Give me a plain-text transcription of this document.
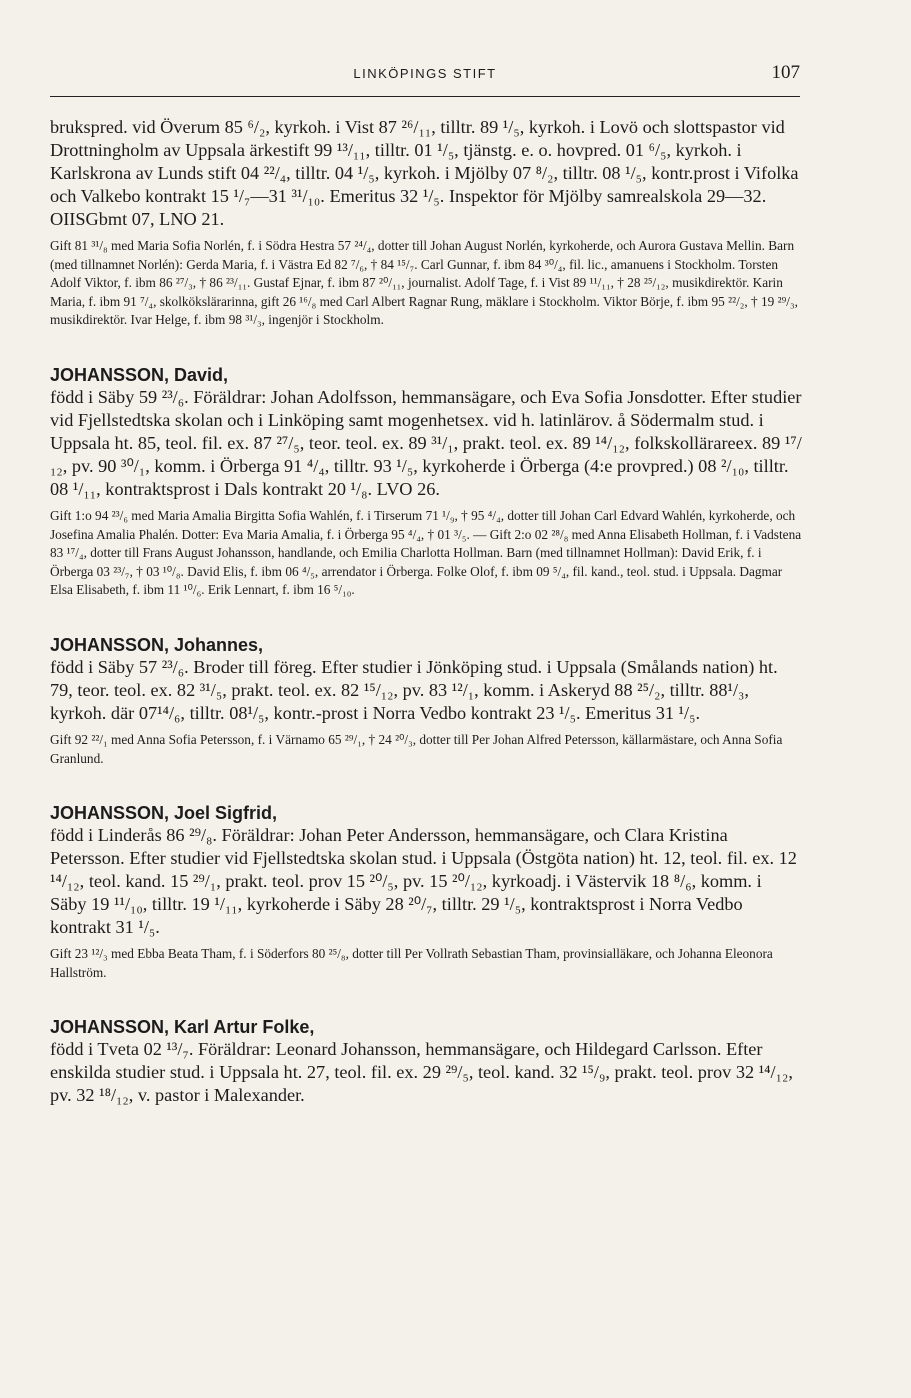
LINKÖPINGS STIFT	107

brukspred. vid Överum 85 ⁶/₂, kyrkoh. i Vist 87 ²⁶/₁₁, tilltr. 89 ¹/₅, kyrkoh. i Lovö och slottspastor vid Drottningholm av Uppsala ärkestift 99 ¹³/₁₁, tilltr. 01 ¹/₅, tjänstg. e. o. hovpred. 01 ⁶/₅, kyrkoh. i Karlskrona av Lunds stift 04 ²²/₄, tilltr. 04 ¹/₅, kyrkoh. i Mjölby 07 ⁸/₂, tilltr. 08 ¹/₅, kontr.prost i Vifolka och Valkebo kontrakt 15 ¹/₇—31 ³¹/₁₀. Emeritus 32 ¹/₅. Inspektor för Mjölby samrealskola 29—32. OIISGbmt 07, LNO 21.

Gift 81 ³¹/₈ med Maria Sofia Norlén, f. i Södra Hestra 57 ²⁴/₄, dotter till Johan August Norlén, kyrkoherde, och Aurora Gustava Mellin. Barn (med tillnamnet Norlén): Gerda Maria, f. i Västra Ed 82 ⁷/₆, † 84 ¹⁵/₇. Carl Gunnar, f. ibm 84 ³⁰/₄, fil. lic., amanuens i Stockholm. Torsten Adolf Viktor, f. ibm 86 ²⁷/₃, † 86 ²³/₁₁. Gustaf Ejnar, f. ibm 87 ²⁰/₁₁, journalist. Adolf Tage, f. i Vist 89 ¹¹/₁₁, † 28 ²⁵/₁₂, musikdirektör. Karin Maria, f. ibm 91 ⁷/₄, skolkökslärarinna, gift 26 ¹⁶/₈ med Carl Albert Ragnar Rung, mäklare i Stockholm. Viktor Börje, f. ibm 95 ²²/₂, † 19 ²⁹/₃, musikdirektör. Ivar Helge, f. ibm 98 ³¹/₃, ingenjör i Stockholm.

JOHANSSON, David,

född i Säby 59 ²³/₆. Föräldrar: Johan Adolfsson, hemmansägare, och Eva Sofia Jonsdotter. Efter studier vid Fjellstedtska skolan och i Linköping samt mogenhetsex. vid h. latinlärov. å Södermalm stud. i Uppsala ht. 85, teol. fil. ex. 87 ²⁷/₅, teor. teol. ex. 89 ³¹/₁, prakt. teol. ex. 89 ¹⁴/₁₂, folkskollärareex. 89 ¹⁷/₁₂, pv. 90 ³⁰/₁, komm. i Örberga 91 ⁴/₄, tilltr. 93 ¹/₅, kyrkoherde i Örberga (4:e provpred.) 08 ²/₁₀, tilltr. 08 ¹/₁₁, kontraktsprost i Dals kontrakt 20 ¹/₈. LVO 26.

Gift 1:o 94 ²³/₆ med Maria Amalia Birgitta Sofia Wahlén, f. i Tirserum 71 ¹/₉, † 95 ⁴/₄, dotter till Johan Carl Edvard Wahlén, kyrkoherde, och Josefina Amalia Phalén. Dotter: Eva Maria Amalia, f. i Örberga 95 ⁴/₄, † 01 ³/₅. — Gift 2:o 02 ²⁸/₈ med Anna Elisabeth Hollman, f. i Vadstena 83 ¹⁷/₄, dotter till Frans August Johansson, handlande, och Emilia Charlotta Hollman. Barn (med tillnamnet Hollman): David Erik, f. i Örberga 03 ²³/₇, † 03 ¹⁰/₈. David Elis, f. ibm 06 ⁴/₅, arrendator i Örberga. Folke Olof, f. ibm 09 ⁵/₄, fil. kand., teol. stud. i Uppsala. Dagmar Elsa Elisabeth, f. ibm 11 ¹⁰/₆. Erik Lennart, f. ibm 16 ⁵/₁₀.

JOHANSSON, Johannes,

född i Säby 57 ²³/₆. Broder till föreg. Efter studier i Jönköping stud. i Uppsala (Smålands nation) ht. 79, teor. teol. ex. 82 ³¹/₅, prakt. teol. ex. 82 ¹⁵/₁₂, pv. 83 ¹²/₁, komm. i Askeryd 88 ²⁵/₂, tilltr. 88¹/₃, kyrkoh. där 07¹⁴/₆, tilltr. 08¹/₅, kontr.-prost i Norra Vedbo kontrakt 23 ¹/₅. Emeritus 31 ¹/₅.

Gift 92 ²²/₁ med Anna Sofia Petersson, f. i Värnamo 65 ²⁹/₁, † 24 ²⁰/₃, dotter till Per Johan Alfred Petersson, källarmästare, och Anna Sofia Granlund.

JOHANSSON, Joel Sigfrid,

född i Linderås 86 ²⁹/₈. Föräldrar: Johan Peter Andersson, hemmansägare, och Clara Kristina Petersson. Efter studier vid Fjellstedtska skolan stud. i Uppsala (Östgöta nation) ht. 12, teol. fil. ex. 12 ¹⁴/₁₂, teol. kand. 15 ²⁹/₁, prakt. teol. prov 15 ²⁰/₅, pv. 15 ²⁰/₁₂, kyrkoadj. i Västervik 18 ⁸/₆, komm. i Säby 19 ¹¹/₁₀, tilltr. 19 ¹/₁₁, kyrkoherde i Säby 28 ²⁰/₇, tilltr. 29 ¹/₅, kontraktsprost i Norra Vedbo kontrakt 31 ¹/₅.

Gift 23 ¹²/₃ med Ebba Beata Tham, f. i Söderfors 80 ²⁵/₈, dotter till Per Vollrath Sebastian Tham, provinsialläkare, och Johanna Eleonora Hallström.

JOHANSSON, Karl Artur Folke,

född i Tveta 02 ¹³/₇. Föräldrar: Leonard Johansson, hemmansägare, och Hildegard Carlsson. Efter enskilda studier stud. i Uppsala ht. 27, teol. fil. ex. 29 ²⁹/₅, teol. kand. 32 ¹⁵/₉, prakt. teol. prov 32 ¹⁴/₁₂, pv. 32 ¹⁸/₁₂, v. pastor i Malexander.
